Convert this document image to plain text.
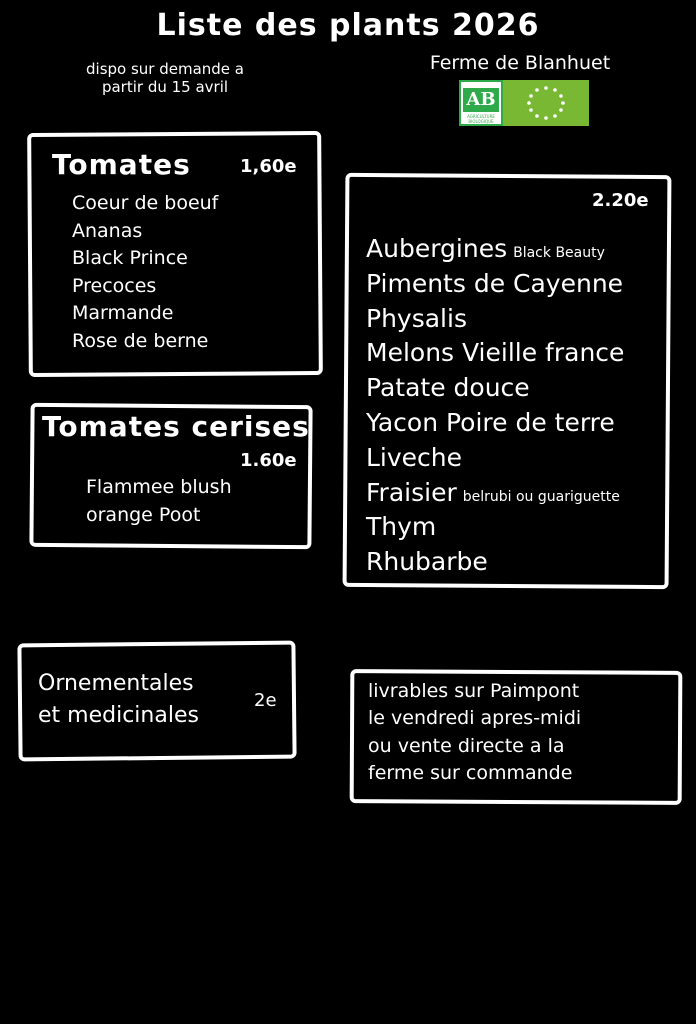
Liste des plants 2026
dispo sur demande a
partir du 15 avril
Ferme de Blanhuet
AB
AGRICULTURE BIOLOGIQUE
Tomates	1,60e
Coeur de boeuf
Ananas
Black Prince
Precoces
Marmande
Rose de berne
Tomates cerises
1.60e
Flammee blush
orange Poot
2.20e
Aubergines Black Beauty
Piments de Cayenne
Physalis
Melons Vieille france
Patate douce
Yacon Poire de terre
Liveche
Fraisier belrubi ou guariguette
Thym
Rhubarbe
Ornementales
et medicinales
2e	livrables sur Paimpont
le vendredi apres-midi
ou vente directe a la
ferme sur commande
